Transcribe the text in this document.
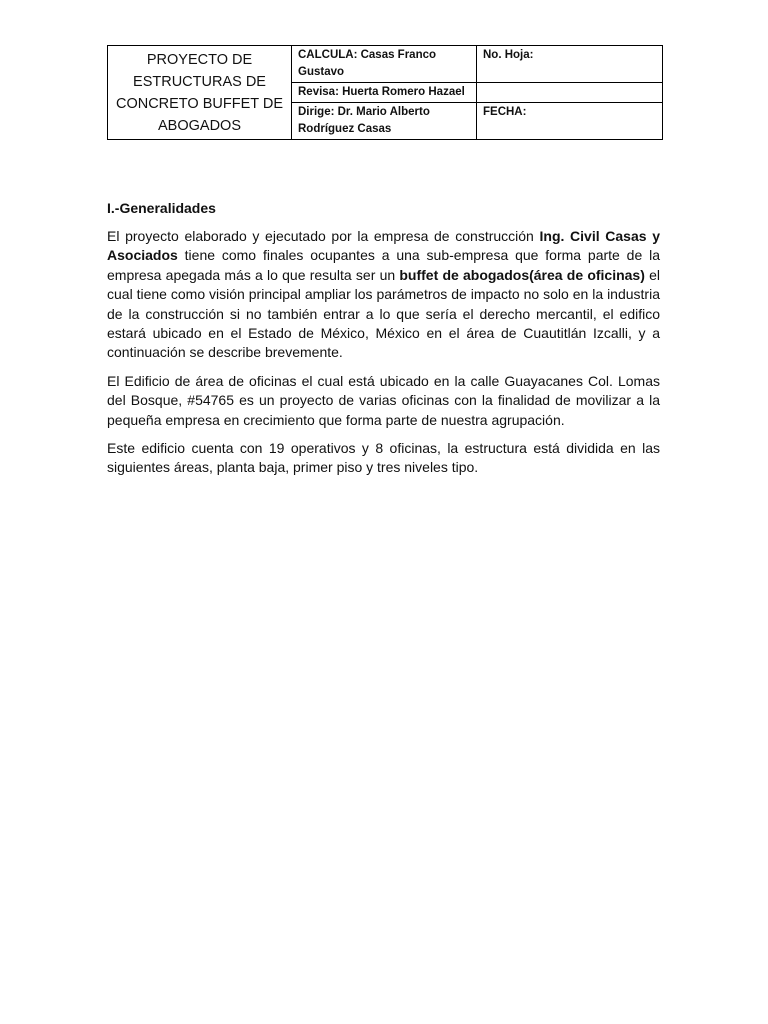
PROYECTO DE ESTRUCTURAS DE CONCRETO BUFFET DE ABOGADOS	CALCULA: Casas Franco Gustavo	No. Hoja:
	Revisa: Huerta Romero Hazael	
	Dirige: Dr. Mario Alberto Rodríguez Casas	FECHA:
I.-Generalidades

El proyecto elaborado y ejecutado por la empresa de construcción Ing. Civil Casas y Asociados tiene como finales ocupantes a una sub-empresa que forma parte de la empresa apegada más a lo que resulta ser un buffet de abogados(área de oficinas) el cual tiene como visión principal ampliar los parámetros de impacto no solo en la industria de la construcción si no también entrar a lo que sería el derecho mercantil, el edifico estará ubicado en el Estado de México, México en el área de Cuautitlán Izcalli, y a continuación se describe brevemente.

El Edificio de área de oficinas el cual está ubicado en la calle Guayacanes Col. Lomas del Bosque, #54765 es un proyecto de varias oficinas con la finalidad de movilizar a la pequeña empresa en crecimiento que forma parte de nuestra agrupación.

Este edificio cuenta con 19 operativos y 8 oficinas, la estructura está dividida en las siguientes áreas, planta baja, primer piso y tres niveles tipo.
